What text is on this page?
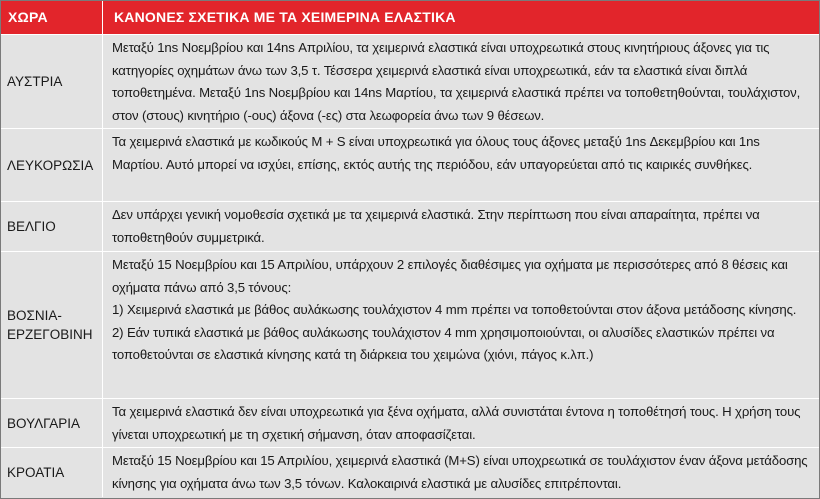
ΧΩΡΑ	ΚΑΝΟΝΕΣ ΣΧΕΤΙΚΑ ΜΕ ΤΑ ΧΕΙΜΕΡΙΝΑ ΕΛΑΣΤΙΚΑ
ΑΥΣΤΡΙΑ
Μεταξύ 1ns Νοεμβρίου και 14ns Απριλίου, τα χειμερινά ελαστικά είναι υποχρεωτικά στους κινητήριους άξονες για τις κατηγορίες οχημάτων άνω των 3,5 τ. Τέσσερα χειμερινά ελαστικά είναι υποχρεωτικά, εάν τα ελαστικά είναι διπλά τοποθετημένα. Μεταξύ 1ns Νοεμβρίου και 14ns Μαρτίου, τα χειμερινά ελαστικά πρέπει να τοποθετηθούνται, τουλάχιστον, στον (στους) κινητήριο (-ους) άξονα (-ες) στα λεωφορεία άνω των 9 θέσεων.
ΛΕΥΚΟΡΩΣΙΑ
Τα χειμερινά ελαστικά με κωδικούς M + S είναι υποχρεωτικά για όλους τους άξονες μεταξύ 1ns Δεκεμβρίου και 1ns Μαρτίου. Αυτό μπορεί να ισχύει, επίσης, εκτός αυτής της περιόδου, εάν υπαγορεύεται από τις καιρικές συνθήκες.
ΒΕΛΓΙΟ
Δεν υπάρχει γενική νομοθεσία σχετικά με τα χειμερινά ελαστικά. Στην περίπτωση που είναι απαραίτητα, πρέπει να τοποθετηθούν συμμετρικά.
ΒΟΣΝΙΑ-
ΕΡΖΕΓΟΒΙΝΗ

Μεταξύ 15 Νοεμβρίου και 15 Απριλίου, υπάρχουν 2 επιλογές διαθέσιμες για οχήματα με περισσότερες από 8 θέσεις και οχήματα πάνω από 3,5 τόνους:

1) Χειμερινά ελαστικά με βάθος αυλάκωσης τουλάχιστον 4 mm πρέπει να τοποθετούνται στον άξονα μετάδοσης κίνησης.

2) Εάν τυπικά ελαστικά με βάθος αυλάκωσης τουλάχιστον 4 mm χρησιμοποιούνται, οι αλυσίδες ελαστικών πρέπει να τοποθετούνται σε ελαστικά κίνησης κατά τη διάρκεια του χειμώνα (χιόνι, πάγος κ.λπ.)

ΒΟΥΛΓΑΡΙΑ
Τα χειμερινά ελαστικά δεν είναι υποχρεωτικά για ξένα οχήματα, αλλά συνιστάται έντονα η τοποθέτησή τους. Η χρήση τους γίνεται υποχρεωτική με τη σχετική σήμανση, όταν αποφασίζεται.
ΚΡΟΑΤΙΑ
Μεταξύ 15 Νοεμβρίου και 15 Απριλίου, χειμερινά ελαστικά (M+S) είναι υποχρεωτικά σε τουλάχιστον έναν άξονα μετάδοσης κίνησης για οχήματα άνω των 3,5 τόνων. Καλοκαιρινά ελαστικά με αλυσίδες επιτρέπονται.
